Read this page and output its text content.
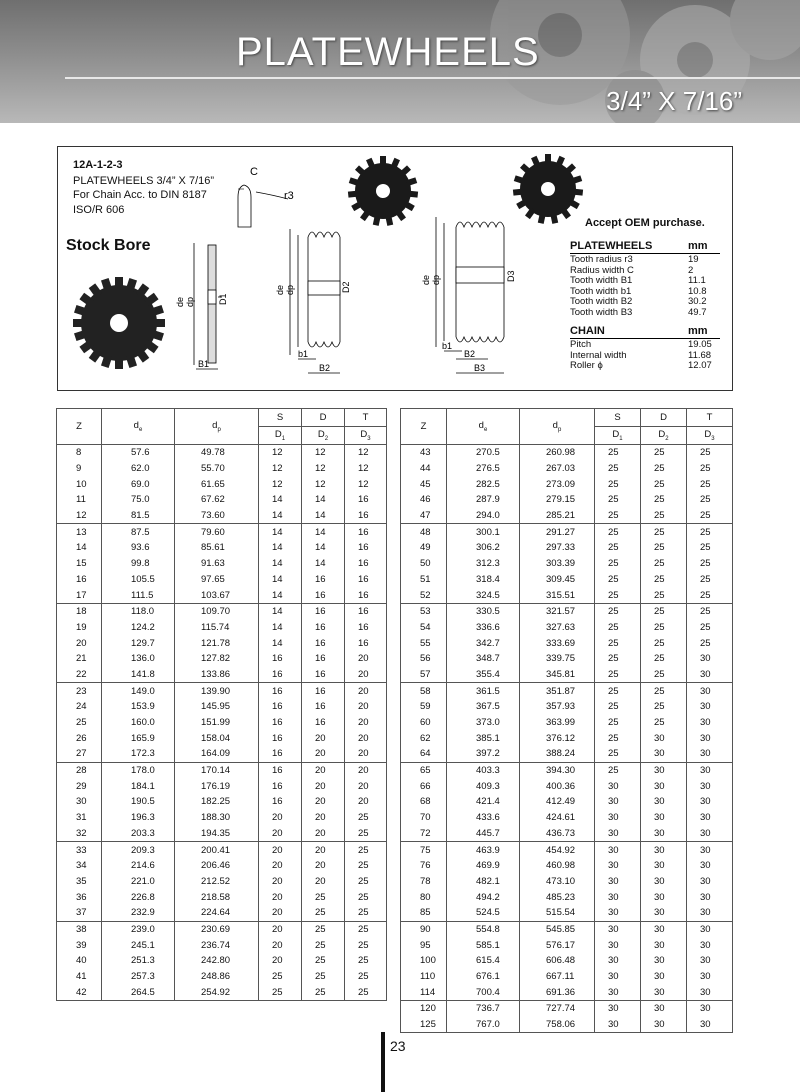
PLATEWHEELS
3/4” X 7/16”
12A-1-2-3
PLATEWHEELS 3/4” X 7/16”
For Chain Acc. to DIN 8187
ISO/R 606
Stock Bore
Accept OEM purchase.
C
r3
de dp	D1
B1
de dp	D2
b1
B2
de dp	D3
b1
B2
B3
PLATEWHEELS	mm
Tooth radius r3	19
Radius width C	2
Tooth width B1	11.1
Tooth width b1	10.8
Tooth width B2	30.2
Tooth width B3	49.7
CHAIN	mm
Pitch	19.05
Internal width	11.68
Roller ϕ	12.07
Z	$d_e$	$d_p$	S	D	T
			$D_1$	$D_2$	$D_3$
8	57.6	49.78	12	12	12
9	62.0	55.70	12	12	12
10	69.0	61.65	12	12	12
11	75.0	67.62	14	14	16
12	81.5	73.60	14	14	16
13	87.5	79.60	14	14	16
14	93.6	85.61	14	14	16
15	99.8	91.63	14	14	16
16	105.5	97.65	14	16	16
17	111.5	103.67	14	16	16
18	118.0	109.70	14	16	16
19	124.2	115.74	14	16	16
20	129.7	121.78	14	16	16
21	136.0	127.82	16	16	20
22	141.8	133.86	16	16	20
23	149.0	139.90	16	16	20
24	153.9	145.95	16	16	20
25	160.0	151.99	16	16	20
26	165.9	158.04	16	20	20
27	172.3	164.09	16	20	20
28	178.0	170.14	16	20	20
29	184.1	176.19	16	20	20
30	190.5	182.25	16	20	20
31	196.3	188.30	20	20	25
32	203.3	194.35	20	20	25
33	209.3	200.41	20	20	25
34	214.6	206.46	20	20	25
35	221.0	212.52	20	20	25
36	226.8	218.58	20	25	25
37	232.9	224.64	20	25	25
38	239.0	230.69	20	25	25
39	245.1	236.74	20	25	25
40	251.3	242.80	20	25	25
41	257.3	248.86	25	25	25
42	264.5	254.92	25	25	25
Z	$d_e$	$d_p$	S	D	T
			$D_1$	$D_2$	$D_3$
43	270.5	260.98	25	25	25
44	276.5	267.03	25	25	25
45	282.5	273.09	25	25	25
46	287.9	279.15	25	25	25
47	294.0	285.21	25	25	25
48	300.1	291.27	25	25	25
49	306.2	297.33	25	25	25
50	312.3	303.39	25	25	25
51	318.4	309.45	25	25	25
52	324.5	315.51	25	25	25
53	330.5	321.57	25	25	25
54	336.6	327.63	25	25	25
55	342.7	333.69	25	25	25
56	348.7	339.75	25	25	30
57	355.4	345.81	25	25	30
58	361.5	351.87	25	25	30
59	367.5	357.93	25	25	30
60	373.0	363.99	25	25	30
62	385.1	376.12	25	30	30
64	397.2	388.24	25	30	30
65	403.3	394.30	25	30	30
66	409.3	400.36	30	30	30
68	421.4	412.49	30	30	30
70	433.6	424.61	30	30	30
72	445.7	436.73	30	30	30
75	463.9	454.92	30	30	30
76	469.9	460.98	30	30	30
78	482.1	473.10	30	30	30
80	494.2	485.23	30	30	30
85	524.5	515.54	30	30	30
90	554.8	545.85	30	30	30
95	585.1	576.17	30	30	30
100	615.4	606.48	30	30	30
110	676.1	667.11	30	30	30
114	700.4	691.36	30	30	30
120	736.7	727.74	30	30	30
125	767.0	758.06	30	30	30
23
